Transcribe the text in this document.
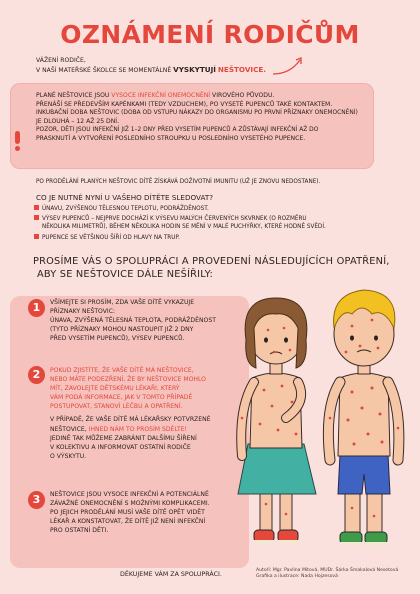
OZNÁMENÍ RODIČŮM
VÁŽENÍ RODIČE,
V NAŠÍ MATEŘSKÉ ŠKOLCE SE MOMENTÁLNĚ VYSKYTUJÍ NEŠTOVICE.
PLANÉ NEŠTOVICE JSOU VYSOCE INFEKČNÍ ONEMOCNĚNÍ VIROVÉHO PŮVODU.
PŘENÁŠÍ SE PŘEDEVŠÍM KAPÉNKAMI (TEDY VZDUCHEM), PO VYSETÉ PUPENCŮ TAKÉ KONTAKTEM.
INKUBAČNÍ DOBA NEŠTOVIC (DOBA OD VSTUPU NÁKAZY DO ORGANISMU PO PRVNÍ PŘÍZNAKY ONEMOCNĚNÍ)
JE DLOUHÁ – 12 AŽ 25 DNÍ.
POZOR, DĚTI JSOU INFEKČNÍ JIŽ 1–2 DNY PŘED VYSETÍM PUPENCŮ A ZŮSTÁVAJÍ INFEKČNÍ AŽ DO
PRASKNUTÍ A VYTVOŘENÍ POSLEDNÍHO STROUPKU U POSLEDNÍHO VYSETÉHO PUPENCE.
PO PRODĚLÁNÍ PLANÝCH NEŠTOVIC DÍTĚ ZÍSKÁVÁ DOŽIVOTNÍ IMUNITU (UŽ JE ZNOVU NEDOSTANE).
CO JE NUTNÉ NYNÍ U VAŠEHO DÍTĚTE SLEDOVAT?
ÚNAVU, ZVÝŠENOU TĚLESNOU TEPLOTU, PODRÁŽDĚNOST.
VÝSEV PUPENCŮ – NEJPRVE DOCHÁZÍ K VÝSEVU MALÝCH ČERVENÝCH SKVRNEK (O ROZMĚRU NĚKOLIKA MILIMETRŮ), BĚHEM NĚKOLIKA HODIN SE MĚNÍ V MALÉ PUCHÝŘKY, KTERÉ HODNĚ SVĚDÍ.
PUPENCE SE VĚTŠINOU ŠÍŘÍ OD HLAVY NA TRUP.
PROSÍME VÁS O SPOLUPRÁCI A PROVEDENÍ NÁSLEDUJÍCÍCH OPATŘENÍ,
ABY SE NEŠTOVICE DÁLE NEŠÍŘILY:
1	VŠÍMEJTE SI PROSÍM, ZDA VAŠE DÍTĚ VYKAZUJE
PŘÍZNAKY NEŠTOVIC:
ÚNAVA, ZVÝŠENÁ TĚLESNÁ TEPLOTA, PODRÁŽDĚNOST
(TYTO PŘÍZNAKY MOHOU NASTOUPIT JIŽ 2 DNY
PŘED VYSETÍM PUPENCŮ), VÝSEV PUPENCŮ.
2	POKUD ZJISTÍTE, ŽE VAŠE DÍTĚ MÁ NEŠTOVICE,
NEBO MÁTE PODEZŘENÍ, ŽE BY NEŠTOVICE MOHLO
MÍT, ZAVOLEJTE DĚTSKÉMU LÉKAŘI, KTERÝ
VÁM PODÁ INFORMACE, JAK V TOMTO PŘÍPADĚ
POSTUPOVAT, STANOVÍ LÉČBU A OPATŘENÍ.
V PŘÍPADĚ, ŽE VAŠE DÍTĚ MÁ LÉKAŘSKY POTVRZENÉ
NEŠTOVICE, IHNED NÁM TO PROSÍM SDĚLTE!
JEDINĚ TAK MŮŽEME ZABRÁNIT DALŠÍMU ŠÍŘENÍ
V KOLEKTIVU A INFORMOVAT OSTATNÍ RODIČE
O VÝSKYTU.
3	NEŠTOVICE JSOU VYSOCE INFEKČNÍ A POTENCIÁLNĚ
ZÁVAŽNÉ ONEMOCNĚNÍ S MOŽNÝMI KOMPLIKACEMI.
PO JEJICH PRODĚLÁNÍ MUSÍ VAŠE DÍTĚ OPĚT VIDĚT
LÉKAŘ A KONSTATOVAT, ŽE DÍTĚ JIŽ NENÍ INFEKČNÍ
PRO OSTATNÍ DĚTI.
DĚKUJEME VÁM ZA SPOLUPRÁCI.
Autoři: Mgr. Pavlína Mitová, MUDr. Šárka Šmakalová Nesetová
Grafika a ilustrace: Nada Hojzesová
